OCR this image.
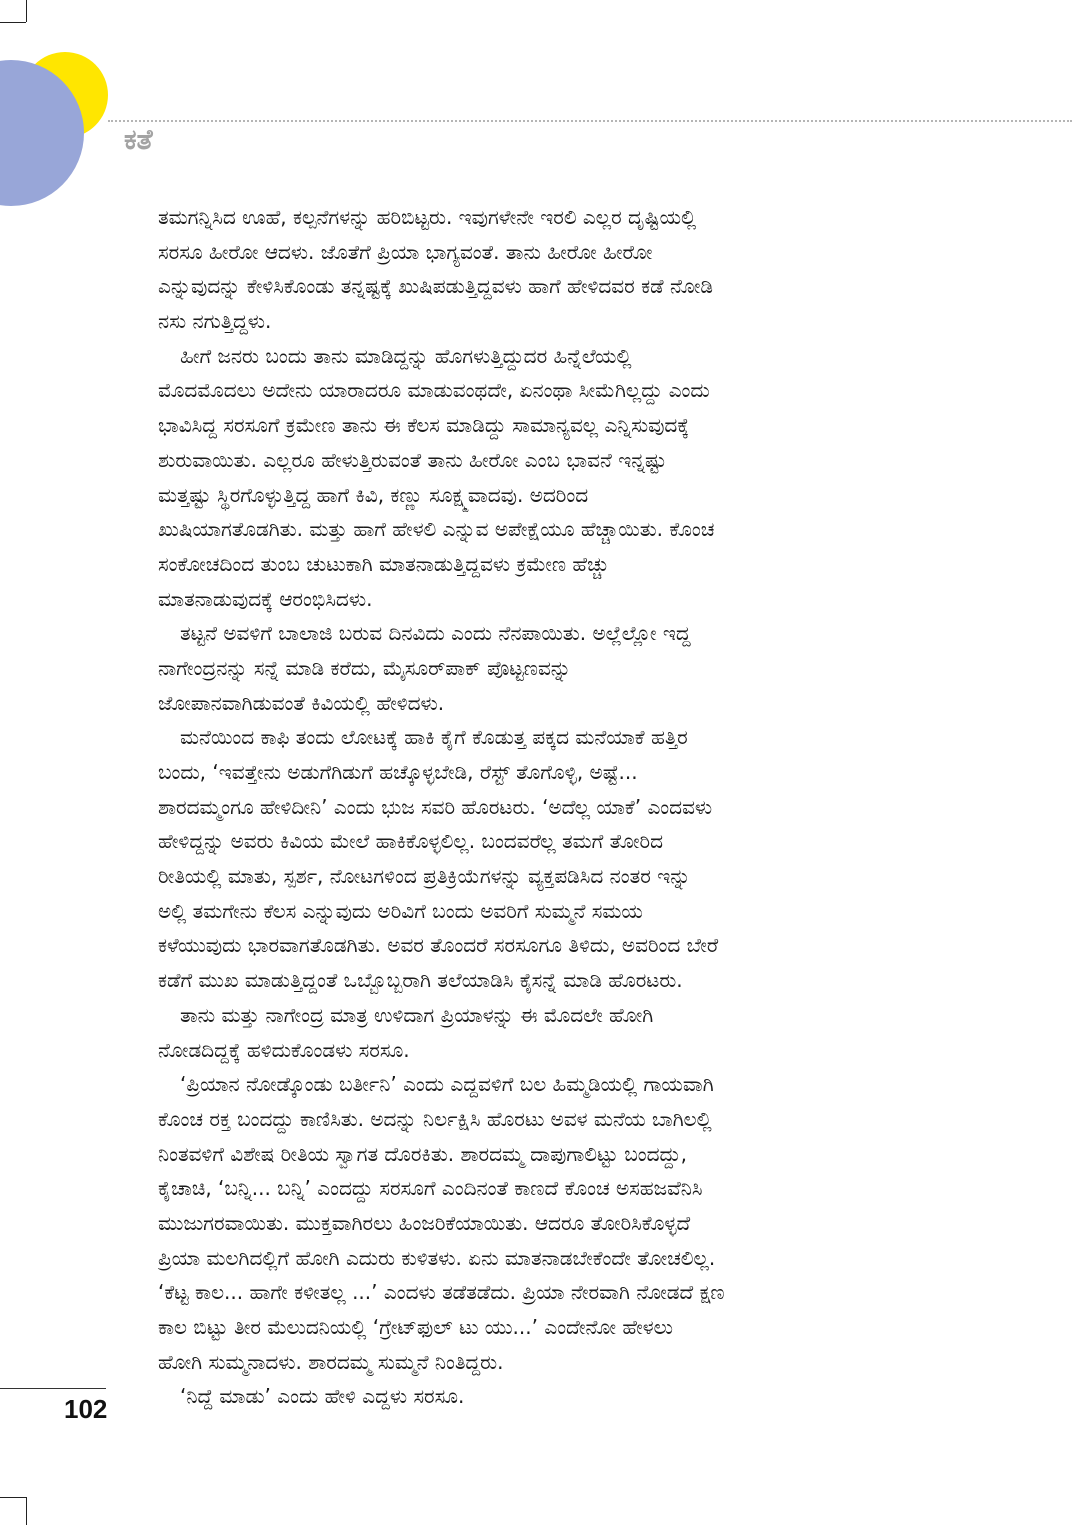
ಕತೆ
ತಮಗನ್ನಿಸಿದ ಊಹೆ, ಕಲ್ಪನೆಗಳನ್ನು ಹರಿಬಿಟ್ಟರು. ಇವುಗಳೇನೇ ಇರಲಿ ಎಲ್ಲರ ದೃಷ್ಟಿಯಲ್ಲಿ
ಸರಸೂ ಹೀರೋ ಆದಳು. ಜೊತೆಗೆ ಪ್ರಿಯಾ ಭಾಗ್ಯವಂತೆ. ತಾನು ಹೀರೋ ಹೀರೋ
ಎನ್ನುವುದನ್ನು ಕೇಳಿಸಿಕೊಂಡು ತನ್ನಷ್ಟಕ್ಕೆ ಖುಷಿಪಡುತ್ತಿದ್ದವಳು ಹಾಗೆ ಹೇಳಿದವರ ಕಡೆ ನೋಡಿ
ನಸು ನಗುತ್ತಿದ್ದಳು.
ಹೀಗೆ ಜನರು ಬಂದು ತಾನು ಮಾಡಿದ್ದನ್ನು ಹೊಗಳುತ್ತಿದ್ದುದರ ಹಿನ್ನೆಲೆಯಲ್ಲಿ
ಮೊದಮೊದಲು ಅದೇನು ಯಾರಾದರೂ ಮಾಡುವಂಥದೇ, ಏನಂಥಾ ಸೀಮೆಗಿಲ್ಲದ್ದು ಎಂದು
ಭಾವಿಸಿದ್ದ ಸರಸೂಗೆ ಕ್ರಮೇಣ ತಾನು ಈ ಕೆಲಸ ಮಾಡಿದ್ದು ಸಾಮಾನ್ಯವಲ್ಲ ಎನ್ನಿಸುವುದಕ್ಕೆ
ಶುರುವಾಯಿತು. ಎಲ್ಲರೂ ಹೇಳುತ್ತಿರುವಂತೆ ತಾನು ಹೀರೋ ಎಂಬ ಭಾವನೆ ಇನ್ನಷ್ಟು
ಮತ್ತಷ್ಟು ಸ್ಥಿರಗೊಳ್ಳುತ್ತಿದ್ದ ಹಾಗೆ ಕಿವಿ, ಕಣ್ಣು ಸೂಕ್ಷ್ಮವಾದವು. ಅದರಿಂದ
ಖುಷಿಯಾಗತೊಡಗಿತು. ಮತ್ತು ಹಾಗೆ ಹೇಳಲಿ ಎನ್ನುವ ಅಪೇಕ್ಷೆಯೂ ಹೆಚ್ಚಾಯಿತು. ಕೊಂಚ
ಸಂಕೋಚದಿಂದ ತುಂಬ ಚುಟುಕಾಗಿ ಮಾತನಾಡುತ್ತಿದ್ದವಳು ಕ್ರಮೇಣ ಹೆಚ್ಚು
ಮಾತನಾಡುವುದಕ್ಕೆ ಆರಂಭಿಸಿದಳು.
ತಟ್ಟನೆ ಅವಳಿಗೆ ಬಾಲಾಜಿ ಬರುವ ದಿನವಿದು ಎಂದು ನೆನಪಾಯಿತು. ಅಲ್ಲೆಲ್ಲೋ ಇದ್ದ
ನಾಗೇಂದ್ರನನ್ನು ಸನ್ನೆ ಮಾಡಿ ಕರೆದು, ಮೈಸೂರ್‌ಪಾಕ್ ಪೊಟ್ಟಣವನ್ನು
ಜೋಪಾನವಾಗಿಡುವಂತೆ ಕಿವಿಯಲ್ಲಿ ಹೇಳಿದಳು.
ಮನೆಯಿಂದ ಕಾಫಿ ತಂದು ಲೋಟಕ್ಕೆ ಹಾಕಿ ಕೈಗೆ ಕೊಡುತ್ತ ಪಕ್ಕದ ಮನೆಯಾಕೆ ಹತ್ತಿರ
ಬಂದು, ‘ಇವತ್ತೇನು ಅಡುಗೆಗಿಡುಗೆ ಹಚ್ಕೊಳ್ಳಬೇಡಿ, ರೆಸ್ಟ್ ತೊಗೊಳ್ಳಿ, ಅಷ್ಟೆ...
ಶಾರದಮ್ಮಂಗೂ ಹೇಳಿದೀನಿ’ ಎಂದು ಭುಜ ಸವರಿ ಹೊರಟರು. ‘ಅದೆಲ್ಲ ಯಾಕೆ’ ಎಂದವಳು
ಹೇಳಿದ್ದನ್ನು ಅವರು ಕಿವಿಯ ಮೇಲೆ ಹಾಕಿಕೊಳ್ಳಲಿಲ್ಲ. ಬಂದವರೆಲ್ಲ ತಮಗೆ ತೋರಿದ
ರೀತಿಯಲ್ಲಿ ಮಾತು, ಸ್ಪರ್ಶ, ನೋಟಗಳಿಂದ ಪ್ರತಿಕ್ರಿಯೆಗಳನ್ನು ವ್ಯಕ್ತಪಡಿಸಿದ ನಂತರ ಇನ್ನು
ಅಲ್ಲಿ ತಮಗೇನು ಕೆಲಸ ಎನ್ನುವುದು ಅರಿವಿಗೆ ಬಂದು ಅವರಿಗೆ ಸುಮ್ಮನೆ ಸಮಯ
ಕಳೆಯುವುದು ಭಾರವಾಗತೊಡಗಿತು. ಅವರ ತೊಂದರೆ ಸರಸೂಗೂ ತಿಳಿದು, ಅವರಿಂದ ಬೇರೆ
ಕಡೆಗೆ ಮುಖ ಮಾಡುತ್ತಿದ್ದಂತೆ ಒಬ್ಬೊಬ್ಬರಾಗಿ ತಲೆಯಾಡಿಸಿ ಕೈಸನ್ನೆ ಮಾಡಿ ಹೊರಟರು.
ತಾನು ಮತ್ತು ನಾಗೇಂದ್ರ ಮಾತ್ರ ಉಳಿದಾಗ ಪ್ರಿಯಾಳನ್ನು ಈ ಮೊದಲೇ ಹೋಗಿ
ನೋಡದಿದ್ದಕ್ಕೆ ಹಳಿದುಕೊಂಡಳು ಸರಸೂ.
‘ಪ್ರಿಯಾನ ನೋಡ್ಕೊಂಡು ಬರ್ತೀನಿ’ ಎಂದು ಎದ್ದವಳಿಗೆ ಬಲ ಹಿಮ್ಮಡಿಯಲ್ಲಿ ಗಾಯವಾಗಿ
ಕೊಂಚ ರಕ್ತ ಬಂದದ್ದು ಕಾಣಿಸಿತು. ಅದನ್ನು ನಿರ್ಲಕ್ಷಿಸಿ ಹೊರಟು ಅವಳ ಮನೆಯ ಬಾಗಿಲಲ್ಲಿ
ನಿಂತವಳಿಗೆ ವಿಶೇಷ ರೀತಿಯ ಸ್ವಾಗತ ದೊರಕಿತು. ಶಾರದಮ್ಮ ದಾಪುಗಾಲಿಟ್ಟು ಬಂದದ್ದು,
ಕೈಚಾಚಿ, ‘ಬನ್ನಿ... ಬನ್ನಿ’ ಎಂದದ್ದು ಸರಸೂಗೆ ಎಂದಿನಂತೆ ಕಾಣದೆ ಕೊಂಚ ಅಸಹಜವೆನಿಸಿ
ಮುಜುಗರವಾಯಿತು. ಮುಕ್ತವಾಗಿರಲು ಹಿಂಜರಿಕೆಯಾಯಿತು. ಆದರೂ ತೋರಿಸಿಕೊಳ್ಳದೆ
ಪ್ರಿಯಾ ಮಲಗಿದಲ್ಲಿಗೆ ಹೋಗಿ ಎದುರು ಕುಳಿತಳು. ಏನು ಮಾತನಾಡಬೇಕೆಂದೇ ತೋಚಲಿಲ್ಲ.
‘ಕೆಟ್ಟ ಕಾಲ... ಹಾಗೇ ಕಳೀತಲ್ಲ ...’ ಎಂದಳು ತಡೆತಡೆದು. ಪ್ರಿಯಾ ನೇರವಾಗಿ ನೋಡದೆ ಕ್ಷಣ
ಕಾಲ ಬಿಟ್ಟು ತೀರ ಮೆಲುದನಿಯಲ್ಲಿ ‘ಗ್ರೇಟ್‌ಫುಲ್ ಟು ಯು...’ ಎಂದೇನೋ ಹೇಳಲು
ಹೋಗಿ ಸುಮ್ಮನಾದಳು. ಶಾರದಮ್ಮ ಸುಮ್ಮನೆ ನಿಂತಿದ್ದರು.
‘ನಿದ್ದೆ ಮಾಡು’ ಎಂದು ಹೇಳಿ ಎದ್ದಳು ಸರಸೂ.
102
